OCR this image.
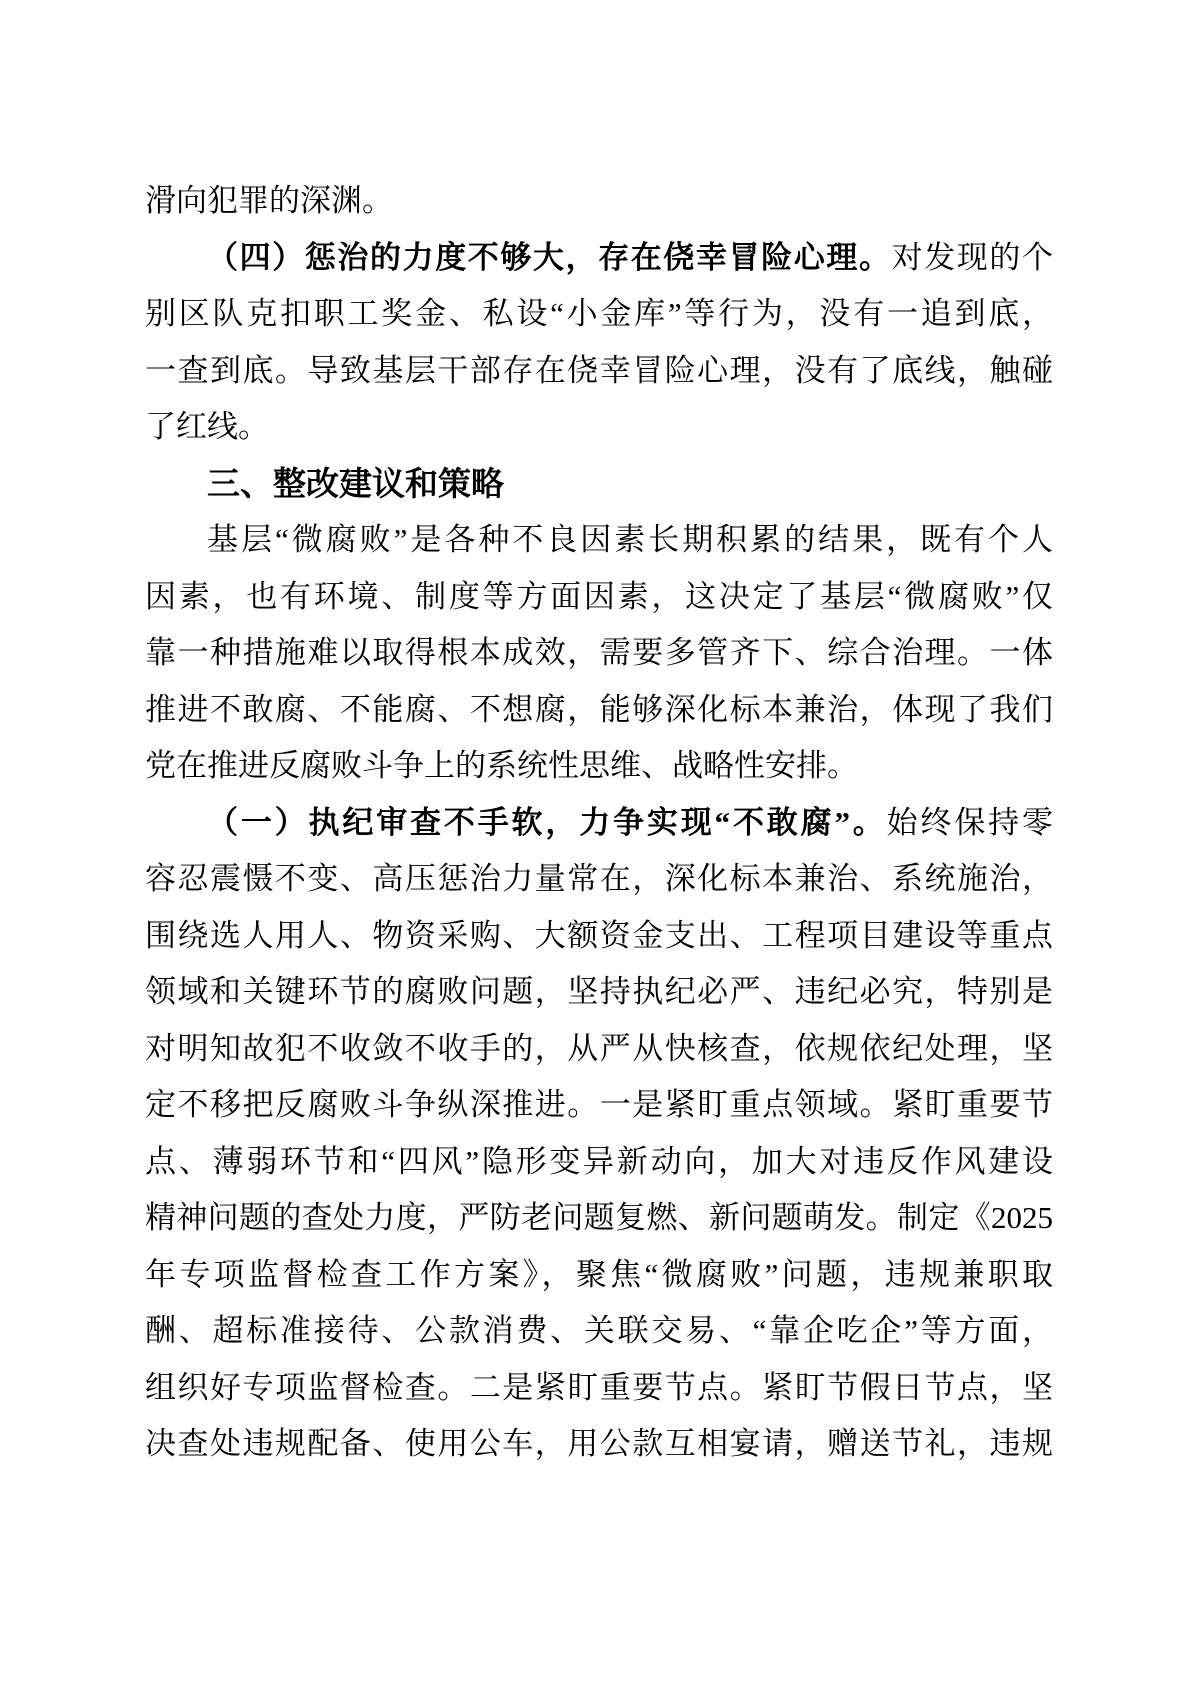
滑向犯罪的深渊。
（四）惩治的力度不够大，存在侥幸冒险心理。对发现的个
别区队克扣职工奖金、私设“小金库”等行为，没有一追到底，
一查到底。导致基层干部存在侥幸冒险心理，没有了底线，触碰
了红线。
三、整改建议和策略
基层“微腐败”是各种不良因素长期积累的结果，既有个人
因素，也有环境、制度等方面因素，这决定了基层“微腐败”仅
靠一种措施难以取得根本成效，需要多管齐下、综合治理。一体
推进不敢腐、不能腐、不想腐，能够深化标本兼治，体现了我们
党在推进反腐败斗争上的系统性思维、战略性安排。
（一）执纪审查不手软，力争实现“不敢腐”。始终保持零
容忍震慑不变、高压惩治力量常在，深化标本兼治、系统施治，
围绕选人用人、物资采购、大额资金支出、工程项目建设等重点
领域和关键环节的腐败问题，坚持执纪必严、违纪必究，特别是
对明知故犯不收敛不收手的，从严从快核查，依规依纪处理，坚
定不移把反腐败斗争纵深推进。一是紧盯重点领域。紧盯重要节
点、薄弱环节和“四风”隐形变异新动向，加大对违反作风建设
精神问题的查处力度，严防老问题复燃、新问题萌发。制定《2025
年专项监督检查工作方案》，聚焦“微腐败”问题，违规兼职取
酬、超标准接待、公款消费、关联交易、“靠企吃企”等方面，
组织好专项监督检查。二是紧盯重要节点。紧盯节假日节点，坚
决查处违规配备、使用公车，用公款互相宴请，赠送节礼，违规
